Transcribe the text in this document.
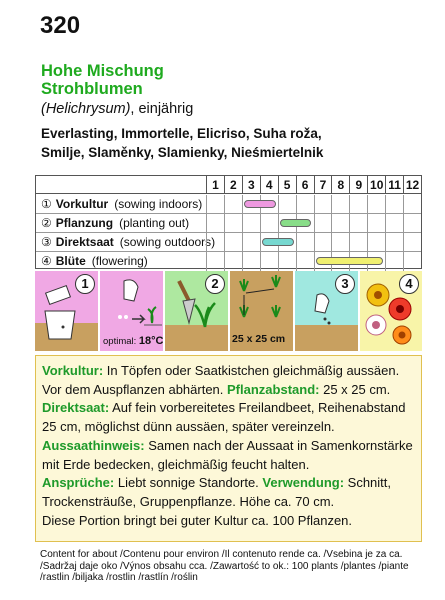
320
Hohe Mischung
Strohblumen
(Helichrysum), einjährig
Everlasting, Immortelle, Elicriso, Suha roža,
Smilje, Slaměnky, Slamienky, Nieśmiertelnik
1 2 3 4 5 6 7 8 9 10 11 12
① Vorkultur (sowing indoors)
② Pflanzung (planting out)
③ Direktsaat (sowing outdoors)
④ Blüte (flowering)
1
optimal: 18°C
2
25 x 25 cm
3	4

Vorkultur: In Töpfen oder Saatkistchen gleichmäßig aussäen. Vor dem Auspflanzen abhärten. Pflanzabstand: 25 x 25 cm.
Direktsaat: Auf fein vorbereitetes Freilandbeet, Reihenabstand 25 cm, möglichst dünn aussäen, später vereinzeln.
Aussaathinweis: Samen nach der Aussaat in Samenkornstärke mit Erde bedecken, gleichmäßig feucht halten.
Ansprüche: Liebt sonnige Standorte. Verwendung: Schnitt, Trockensträuße, Gruppenpflanze. Höhe ca. 70 cm.
Diese Portion bringt bei guter Kultur ca. 100 Pflanzen.

Content for about /Contenu pour environ /Il contenuto rende ca. /Vsebina je za ca. /Sadržaj daje oko /Výnos obsahu cca. /Zawartość to ok.: 100 plants /plantes /piante /rastlin /biljaka /rostlin /rastlín /roślin
